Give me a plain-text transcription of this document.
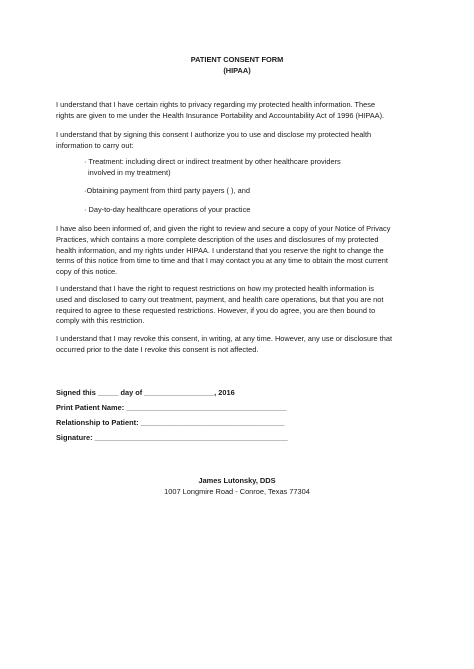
PATIENT CONSENT FORM
(HIPAA)
I understand that I have certain rights to privacy regarding my protected health information. These
rights are given to me under the Health Insurance Portability and Accountability Act of 1996 (HIPAA).
I understand that by signing this consent I authorize you to use and disclose my protected health
information to carry out:
· Treatment: including direct or indirect treatment by other healthcare providers
involved in my treatment)
·Obtaining payment from third party payers ( ), and
· Day-to-day healthcare operations of your practice
I have also been informed of, and given the right to review and secure a copy of your Notice of Privacy
Practices, which contains a more complete description of the uses and disclosures of my protected
health information, and my rights under HIPAA. I understand that you reserve the right to change the
terms of this notice from time to time and that I may contact you at any time to obtain the most current
copy of this notice.
I understand that I have the right to request restrictions on how my protected health information is
used and disclosed to carry out treatment, payment, and health care operations, but that you are not
required to agree to these requested restrictions. However, if you do agree, you are then bound to
comply with this restriction.
I understand that I may revoke this consent, in writing, at any time. However, any use or disclosure that
occurred prior to the date I revoke this consent is not affected.
Signed this _____ day of _________________, 2016
Print Patient Name: _______________________________________
Relationship to Patient: ___________________________________
Signature: _______________________________________________
James Lutonsky, DDS
1007 Longmire Road - Conroe, Texas 77304
